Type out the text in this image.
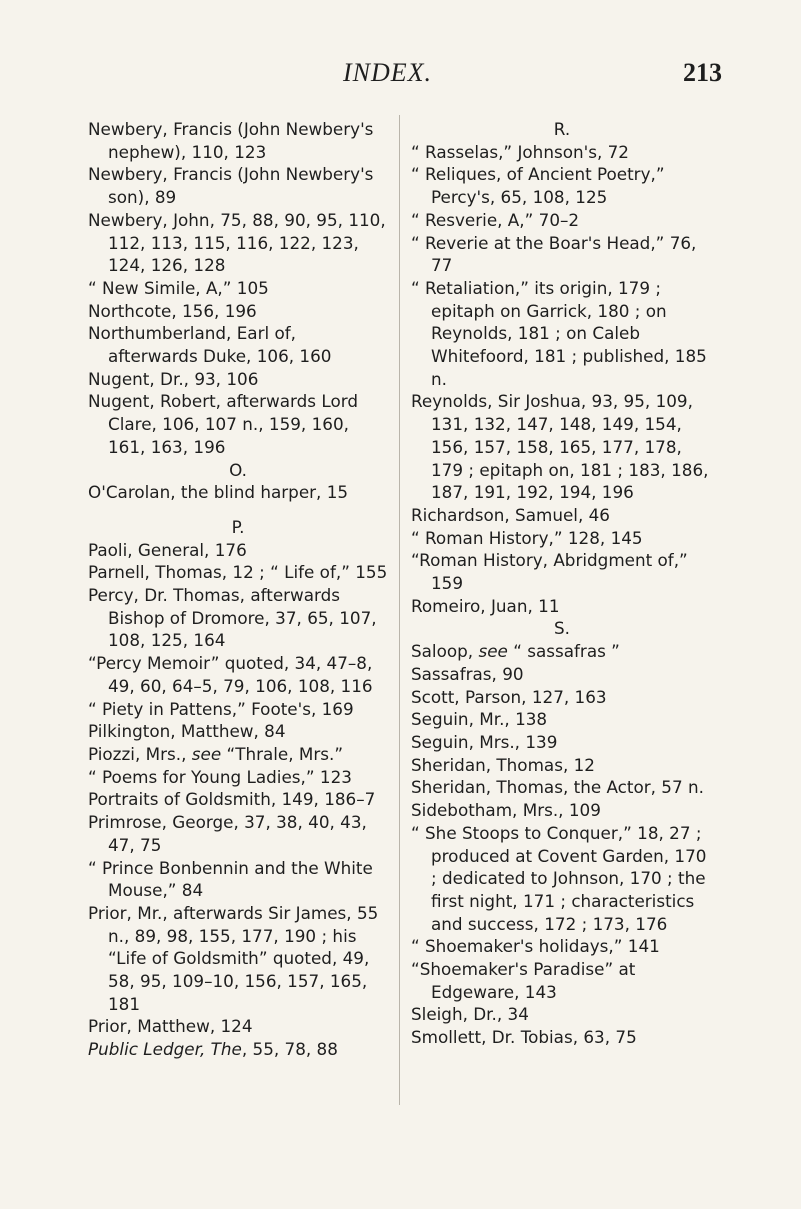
INDEX.	213

Newbery, Francis (John Newbery's nephew), 110, 123

Newbery, Francis (John Newbery's son), 89

Newbery, John, 75, 88, 90, 95, 110, 112, 113, 115, 116, 122, 123, 124, 126, 128

“ New Simile, A,” 105

Northcote, 156, 196

Northumberland, Earl of, afterwards Duke, 106, 160

Nugent, Dr., 93, 106

Nugent, Robert, afterwards Lord Clare, 106, 107 n., 159, 160, 161, 163, 196

O.

O'Carolan, the blind harper, 15

P.

Paoli, General, 176

Parnell, Thomas, 12 ; “ Life of,” 155

Percy, Dr. Thomas, afterwards Bishop of Dromore, 37, 65, 107, 108, 125, 164

“Percy Memoir” quoted, 34, 47–8, 49, 60, 64–5, 79, 106, 108, 116

“ Piety in Pattens,” Foote's, 169

Pilkington, Matthew, 84

Piozzi, Mrs., see “Thrale, Mrs.”

“ Poems for Young Ladies,” 123

Portraits of Goldsmith, 149, 186–7

Primrose, George, 37, 38, 40, 43, 47, 75

“ Prince Bonbennin and the White Mouse,” 84

Prior, Mr., afterwards Sir James, 55 n., 89, 98, 155, 177, 190 ; his “Life of Goldsmith” quoted, 49, 58, 95, 109–10, 156, 157, 165, 181

Prior, Matthew, 124

Public Ledger, The, 55, 78, 88

R.

“ Rasselas,” Johnson's, 72

“ Reliques, of Ancient Poetry,” Percy's, 65, 108, 125

“ Resverie, A,” 70–2

“ Reverie at the Boar's Head,” 76, 77

“ Retaliation,” its origin, 179 ; epitaph on Garrick, 180 ; on Reynolds, 181 ; on Caleb Whitefoord, 181 ; published, 185 n.

Reynolds, Sir Joshua, 93, 95, 109, 131, 132, 147, 148, 149, 154, 156, 157, 158, 165, 177, 178, 179 ; epitaph on, 181 ; 183, 186, 187, 191, 192, 194, 196

Richardson, Samuel, 46

“ Roman History,” 128, 145

“Roman History, Abridgment of,” 159

Romeiro, Juan, 11

S.

Saloop, see “ sassafras ”

Sassafras, 90

Scott, Parson, 127, 163

Seguin, Mr., 138

Seguin, Mrs., 139

Sheridan, Thomas, 12

Sheridan, Thomas, the Actor, 57 n.

Sidebotham, Mrs., 109

“ She Stoops to Conquer,” 18, 27 ; produced at Covent Garden, 170 ; dedicated to Johnson, 170 ; the first night, 171 ; characteristics and success, 172 ; 173, 176

“ Shoemaker's holidays,” 141

“Shoemaker's Paradise” at Edgeware, 143

Sleigh, Dr., 34

Smollett, Dr. Tobias, 63, 75
